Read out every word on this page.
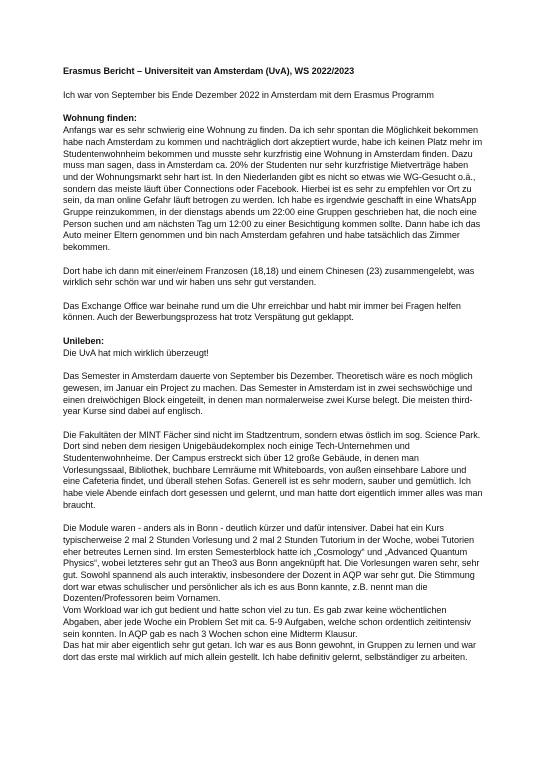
Erasmus Bericht – Universiteit van Amsterdam (UvA), WS 2022/2023

Ich war von September bis Ende Dezember 2022 in Amsterdam mit dem Erasmus Programm

Wohnung finden:

Anfangs war es sehr schwierig eine Wohnung zu finden. Da ich sehr spontan die Möglichkeit bekommen habe nach Amsterdam zu kommen und nachträglich dort akzeptiert wurde, habe ich keinen Platz mehr im Studentenwohnheim bekommen und musste sehr kurzfristig eine Wohnung in Amsterdam finden. Dazu muss man sagen, dass in Amsterdam ca. 20% der Studenten nur sehr kurzfristige Mietverträge haben und der Wohnungsmarkt sehr hart ist. In den Niederlanden gibt es nicht so etwas wie WG-Gesucht o.ä., sondern das meiste läuft über Connections oder Facebook. Hierbei ist es sehr zu empfehlen vor Ort zu sein, da man online Gefahr läuft betrogen zu werden. Ich habe es irgendwie geschafft in eine WhatsApp Gruppe reinzukommen, in der dienstags abends um 22:00 eine Gruppen geschrieben hat, die noch eine Person suchen und am nächsten Tag um 12:00 zu einer Besichtigung kommen sollte. Dann habe ich das Auto meiner Eltern genommen und bin nach Amsterdam gefahren und habe tatsächlich das Zimmer bekommen.

Dort habe ich dann mit einer/einem Franzosen (18,18) und einem Chinesen (23) zusammengelebt, was wirklich sehr schön war und wir haben uns sehr gut verstanden.

Das Exchange Office war beinahe rund um die Uhr erreichbar und habt mir immer bei Fragen helfen können. Auch der Bewerbungsprozess hat trotz Verspätung gut geklappt.

Unileben:

Die UvA hat mich wirklich überzeugt!

Das Semester in Amsterdam dauerte von September bis Dezember. Theoretisch wäre es noch möglich gewesen, im Januar ein Project zu machen. Das Semester in Amsterdam ist in zwei sechswöchige und einen dreiwöchigen Block eingeteilt, in denen man normalerweise zwei Kurse belegt. Die meisten third-year Kurse sind dabei auf englisch.

Die Fakultäten der MINT Fächer sind nicht im Stadtzentrum, sondern etwas östlich im sog. Science Park. Dort sind neben dem riesigen Unigebäudekomplex noch einige Tech-Unternehmen und Studentenwohnheime. Der Campus erstreckt sich über 12 große Gebäude, in denen man Vorlesungssaal, Bibliothek, buchbare Lernräume mit Whiteboards, von außen einsehbare Labore und eine Cafeteria findet, und überall stehen Sofas. Generell ist es sehr modern, sauber und gemütlich. Ich habe viele Abende einfach dort gesessen und gelernt, und man hatte dort eigentlich immer alles was man braucht.

Die Module waren - anders als in Bonn - deutlich kürzer und dafür intensiver. Dabei hat ein Kurs typischerweise 2 mal 2 Stunden Vorlesung und 2 mal 2 Stunden Tutorium in der Woche, wobei Tutorien eher betreutes Lernen sind. Im ersten Semesterblock hatte ich „Cosmology“ und „Advanced Quantum Physics“, wobei letzteres sehr gut an Theo3 aus Bonn angeknüpft hat. Die Vorlesungen waren sehr, sehr gut. Sowohl spannend als auch interaktiv, insbesondere der Dozent in AQP war sehr gut. Die Stimmung dort war etwas schulischer und persönlicher als ich es aus Bonn kannte, z.B. nennt man die Dozenten/Professoren beim Vornamen.

Vom Workload war ich gut bedient und hatte schon viel zu tun. Es gab zwar keine wöchentlichen Abgaben, aber jede Woche ein Problem Set mit ca. 5-9 Aufgaben, welche schon ordentlich zeitintensiv sein konnten. In AQP gab es nach 3 Wochen schon eine Midterm Klausur.

Das hat mir aber eigentlich sehr gut getan. Ich war es aus Bonn gewohnt, in Gruppen zu lernen und war dort das erste mal wirklich auf mich allein gestellt. Ich habe definitiv gelernt, selbständiger zu arbeiten.
